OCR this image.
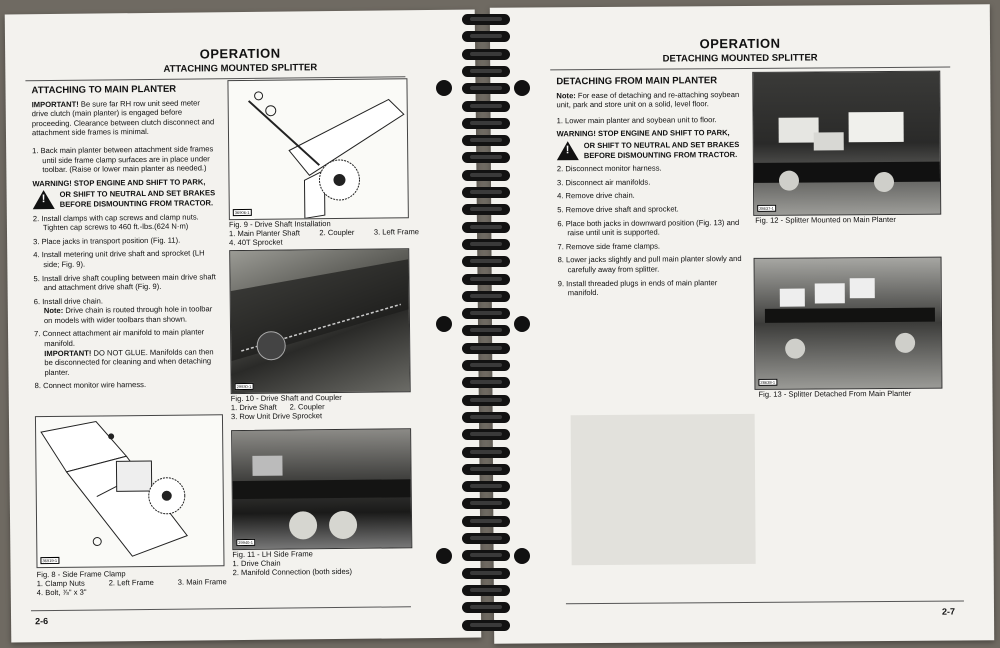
OPERATION
ATTACHING MOUNTED SPLITTER
ATTACHING TO MAIN PLANTER
IMPORTANT! Be sure far RH row unit seed meter drive clutch (main planter) is engaged before proceeding. Clearance between clutch disconnect and attachment side frames is minimal.
1. Back main planter between attachment side frames until side frame clamp surfaces are in place under toolbar. (Raise or lower main planter as needed.)
WARNING! STOP ENGINE AND SHIFT TO PARK,
! OR SHIFT TO NEUTRAL AND SET BRAKES BEFORE DISMOUNTING FROM TRACTOR.
2. Install clamps with cap screws and clamp nuts. Tighten cap screws to 460 ft.-lbs.(624 N·m)
3. Place jacks in transport position (Fig. 11).
4. Install metering unit drive shaft and sprocket (LH side; Fig. 9).
5. Install drive shaft coupling between main drive shaft and attachment drive shaft (Fig. 9).
6. Install drive chain.
Note: Drive chain is routed through hole in toolbar on models with wider toolbars than shown.
7. Connect attachment air manifold to main planter manifold.
IMPORTANT! DO NOT GLUE. Manifolds can then be disconnected for cleaning and when detaching planter.
8. Connect monitor wire harness.
36919-1
Fig. 8 - Side Frame Clamp
1. Clamp Nuts	2. Left Frame	3. Main Frame
4. Bolt, ⅞" x 3"
36906-1
Fig. 9 - Drive Shaft Installation
1. Main Planter Shaft	2. Coupler	3. Left Frame
4. 40T Sprocket
29930-1
Fig. 10 - Drive Shaft and Coupler
1. Drive Shaft 2. Coupler
3. Row Unit Drive Sprocket
29940-1
Fig. 11 - LH Side Frame
1. Drive Chain
2. Manifold Connection (both sides)
2-6
OPERATION
DETACHING MOUNTED SPLITTER
DETACHING FROM MAIN PLANTER
Note: For ease of detaching and re-attaching soybean unit, park and store unit on a solid, level floor.
1. Lower main planter and soybean unit to floor.
WARNING! STOP ENGINE AND SHIFT TO PARK,
! OR SHIFT TO NEUTRAL AND SET BRAKES BEFORE DISMOUNTING FROM TRACTOR.
2. Disconnect monitor harness.
3. Disconnect air manifolds.
4. Remove drive chain.
5. Remove drive shaft and sprocket.
6. Place both jacks in downward position (Fig. 13) and raise until unit is supported.
7. Remove side frame clamps.
8. Lower jacks slightly and pull main planter slowly and carefully away from splitter.
9. Install threaded plugs in ends of main planter manifold.
28637-1
Fig. 12 - Splitter Mounted on Main Planter
28638-1
Fig. 13 - Splitter Detached From Main Planter
2-7
